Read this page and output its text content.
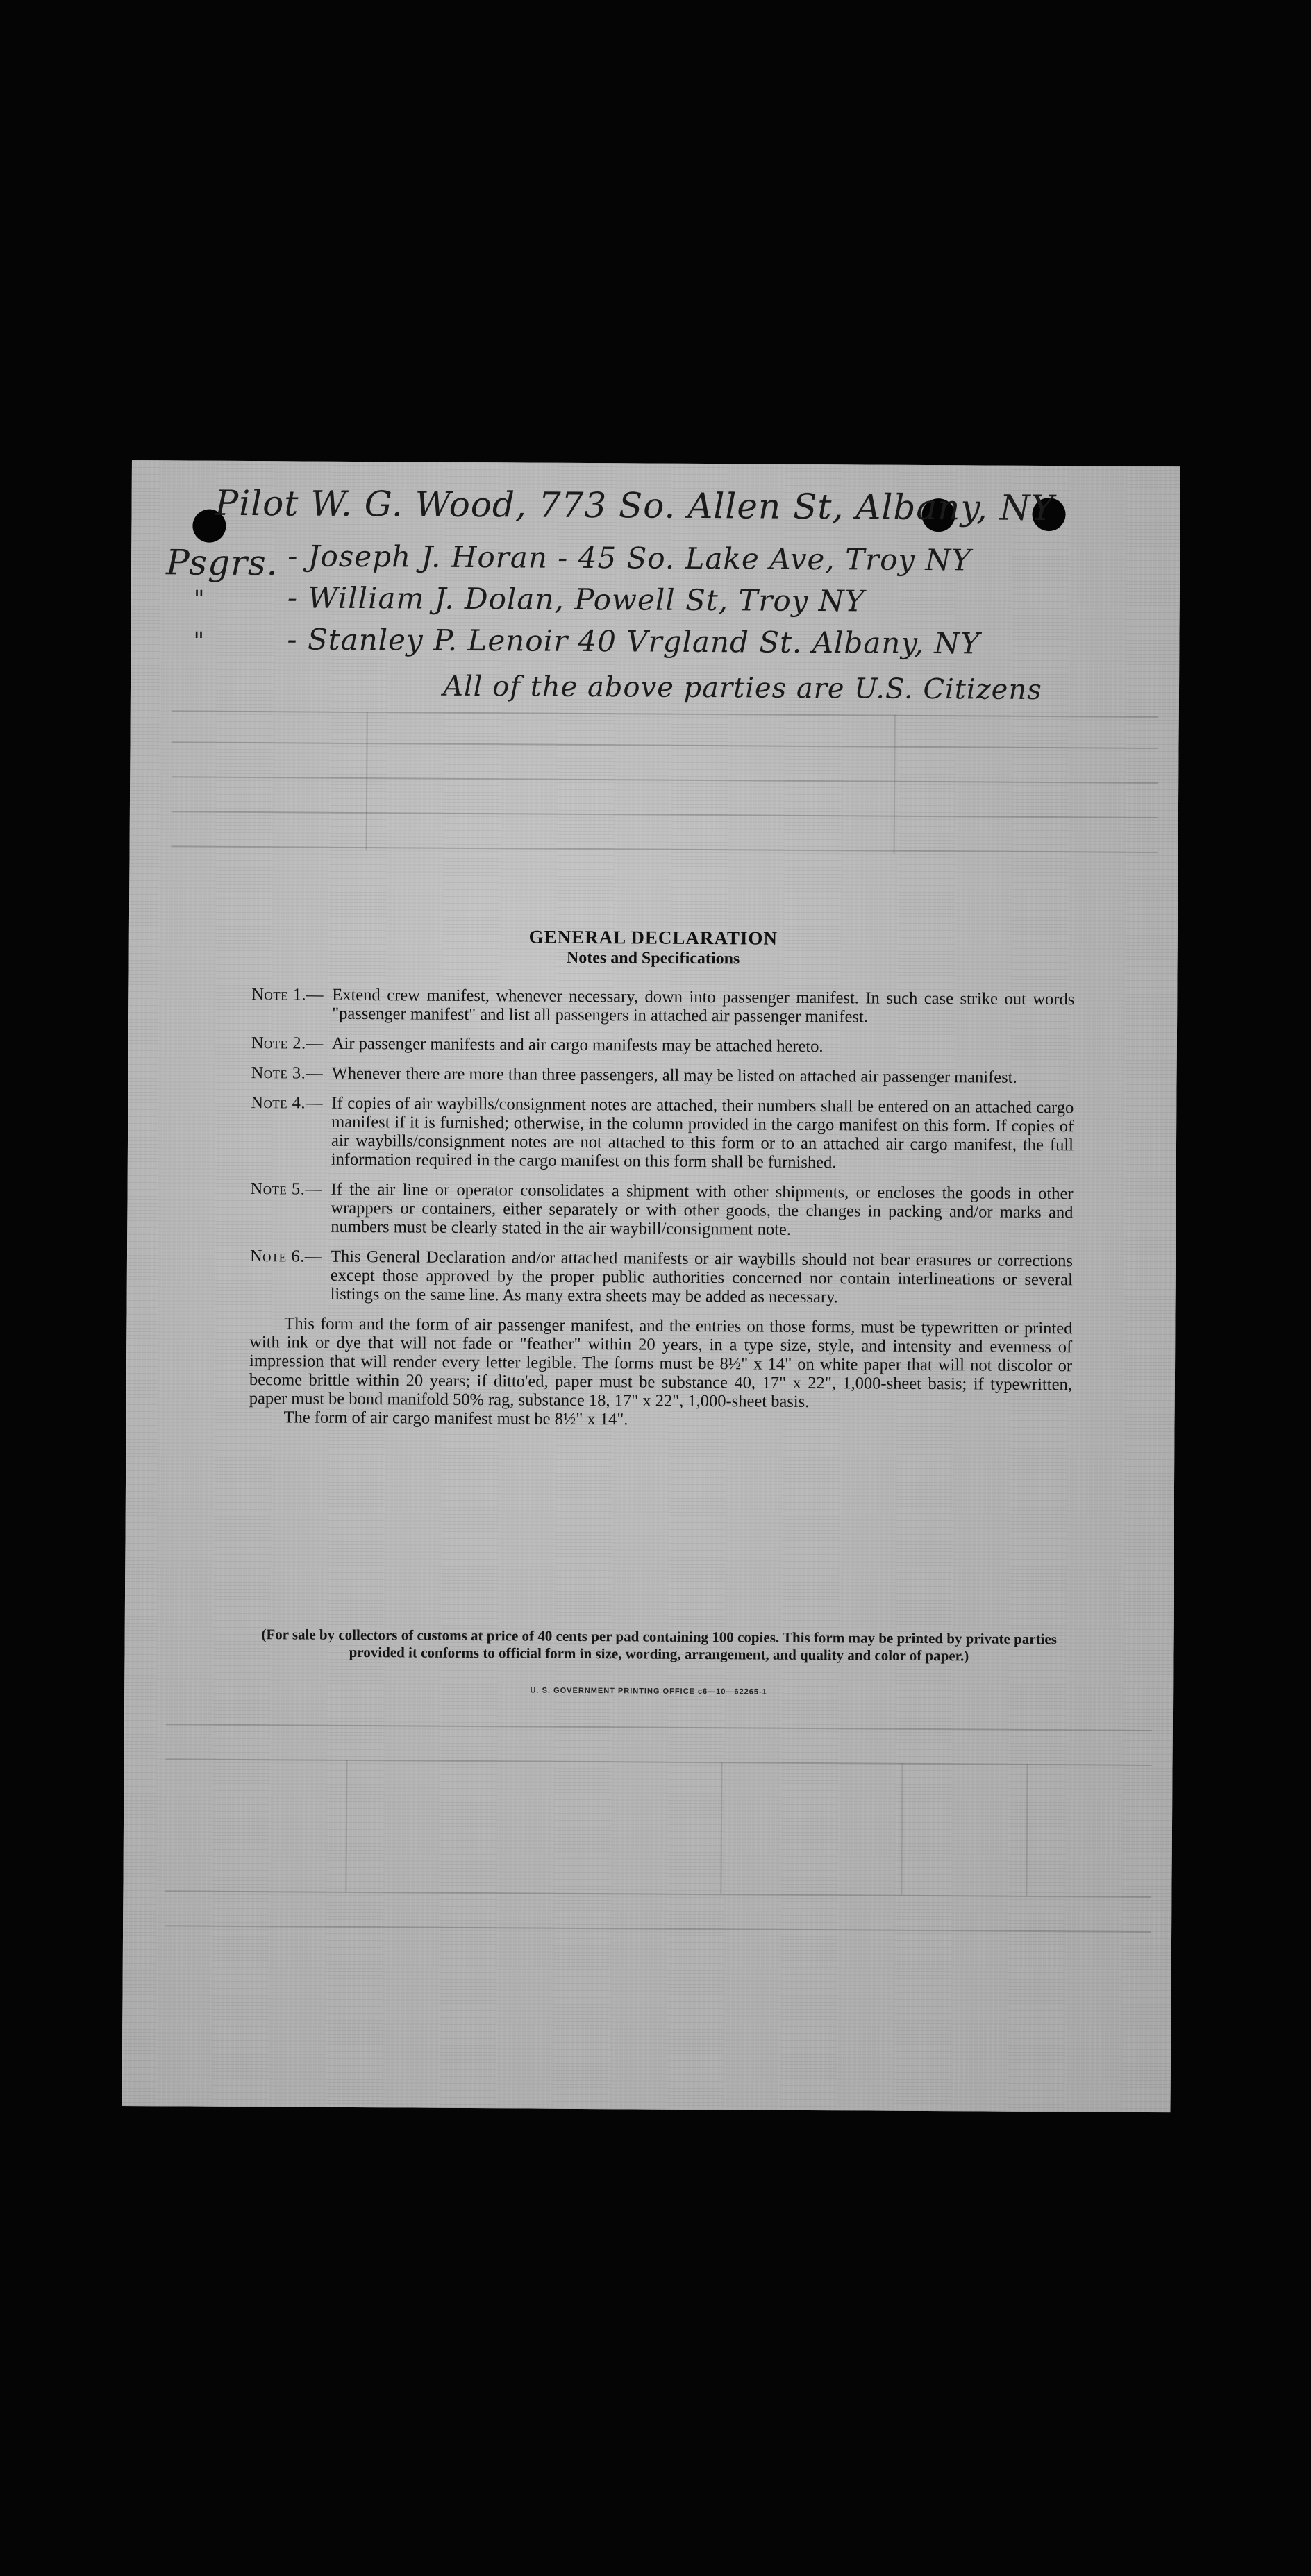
Pilot W. G. Wood, 773 So. Allen St, Albany, NY
Psgrs. - Joseph J. Horan - 45 So. Lake Ave, Troy NY
"	- William J. Dolan, Powell St, Troy NY
"	- Stanley P. Lenoir 40 Vrgland St. Albany, NY
All of the above parties are U.S. Citizens
GENERAL DECLARATION
Notes and Specifications
Note 1.— Extend crew manifest, whenever necessary, down into passenger manifest. In such case strike out words "passenger manifest" and list all passengers in attached air passenger manifest.
Note 2.— Air passenger manifests and air cargo manifests may be attached hereto.
Note 3.— Whenever there are more than three passengers, all may be listed on attached air passenger manifest.
Note 4.— If copies of air waybills/consignment notes are attached, their numbers shall be entered on an attached cargo manifest if it is furnished; otherwise, in the column provided in the cargo manifest on this form. If copies of air waybills/consignment notes are not attached to this form or to an attached air cargo manifest, the full information required in the cargo manifest on this form shall be furnished.
Note 5.— If the air line or operator consolidates a shipment with other shipments, or encloses the goods in other wrappers or containers, either separately or with other goods, the changes in packing and/or marks and numbers must be clearly stated in the air waybill/consignment note.
Note 6.— This General Declaration and/or attached manifests or air waybills should not bear erasures or corrections except those approved by the proper public authorities concerned nor contain interlineations or several listings on the same line. As many extra sheets may be added as necessary.
This form and the form of air passenger manifest, and the entries on those forms, must be typewritten or printed with ink or dye that will not fade or "feather" within 20 years, in a type size, style, and intensity and evenness of impression that will render every letter legible. The forms must be 8½" x 14" on white paper that will not discolor or become brittle within 20 years; if ditto'ed, paper must be substance 40, 17" x 22", 1,000-sheet basis; if typewritten, paper must be bond manifold 50% rag, substance 18, 17" x 22", 1,000-sheet basis.
The form of air cargo manifest must be 8½" x 14".
(For sale by collectors of customs at price of 40 cents per pad containing 100 copies. This form may be printed by private parties provided it conforms to official form in size, wording, arrangement, and quality and color of paper.)
U. S. GOVERNMENT PRINTING OFFICE c6—10—62265-1
